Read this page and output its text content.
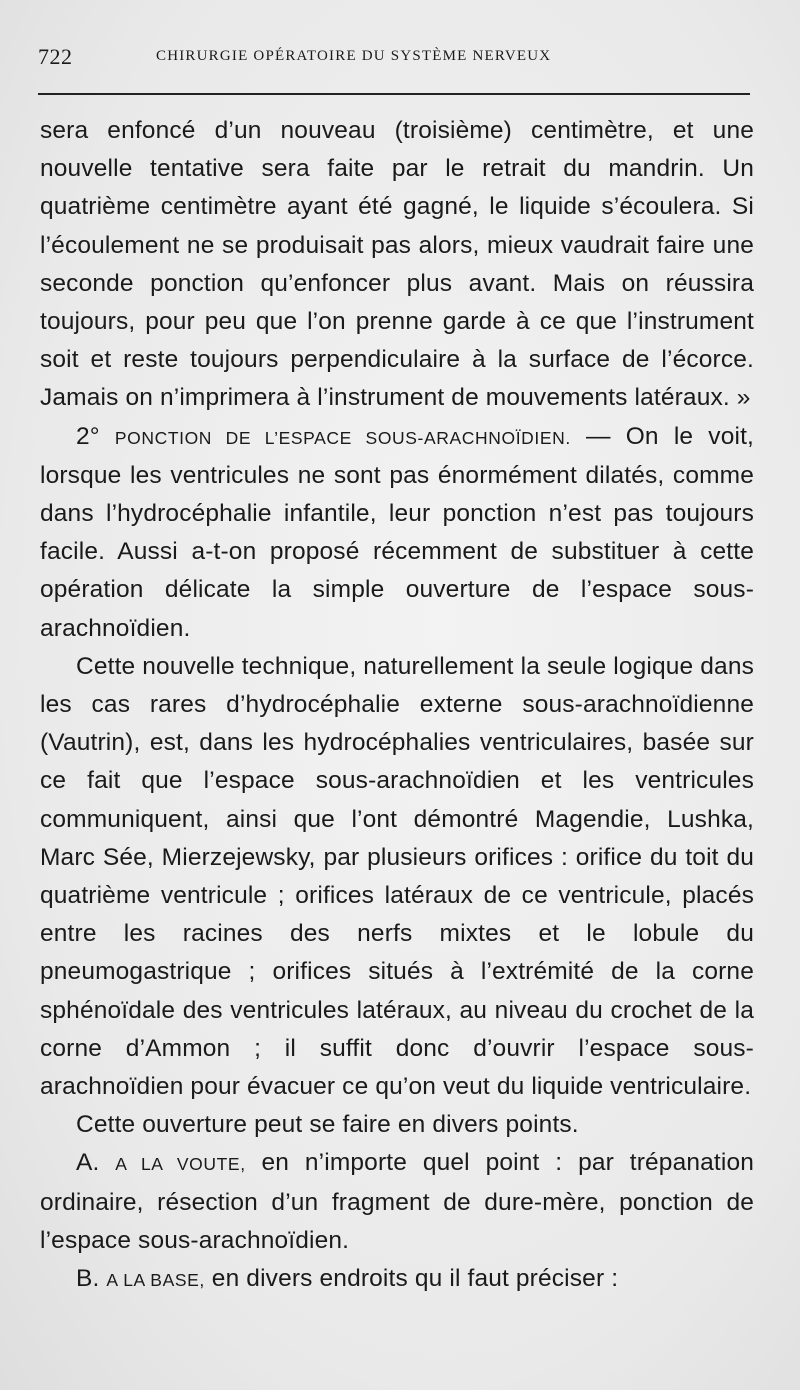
722	CHIRURGIE OPÉRATOIRE DU SYSTÈME NERVEUX

sera enfoncé d’un nouveau (troisième) centimètre, et une nouvelle tentative sera faite par le retrait du mandrin. Un quatrième centimètre ayant été gagné, le liquide s’écoulera. Si l’écoulement ne se produisait pas alors, mieux vaudrait faire une seconde ponction qu’enfoncer plus avant. Mais on réussira toujours, pour peu que l’on prenne garde à ce que l’instrument soit et reste toujours perpendiculaire à la surface de l’écorce. Jamais on n’imprimera à l’instrument de mouvements latéraux. »

2° PONCTION DE L’ESPACE SOUS-ARACHNOÏDIEN. — On le voit, lorsque les ventricules ne sont pas énormément dilatés, comme dans l’hydrocéphalie infantile, leur ponction n’est pas toujours facile. Aussi a-t-on proposé récemment de substituer à cette opération délicate la simple ouverture de l’espace sous-arachnoïdien.

Cette nouvelle technique, naturellement la seule logique dans les cas rares d’hydrocéphalie externe sous-arachnoïdienne (Vautrin), est, dans les hydrocéphalies ventriculaires, basée sur ce fait que l’espace sous-arachnoïdien et les ventricules communiquent, ainsi que l’ont démontré Magendie, Lushka, Marc Sée, Mierzejewsky, par plusieurs orifices : orifice du toit du quatrième ventricule ; orifices latéraux de ce ventricule, placés entre les racines des nerfs mixtes et le lobule du pneumogastrique ; orifices situés à l’extrémité de la corne sphénoïdale des ventricules latéraux, au niveau du crochet de la corne d’Ammon ; il suffit donc d’ouvrir l’espace sous-arachnoïdien pour évacuer ce qu’on veut du liquide ventriculaire.

Cette ouverture peut se faire en divers points.

A. A LA VOUTE, en n’importe quel point : par trépanation ordinaire, résection d’un fragment de dure-mère, ponction de l’espace sous-arachnoïdien.

B. A LA BASE, en divers endroits qu il faut préciser :
